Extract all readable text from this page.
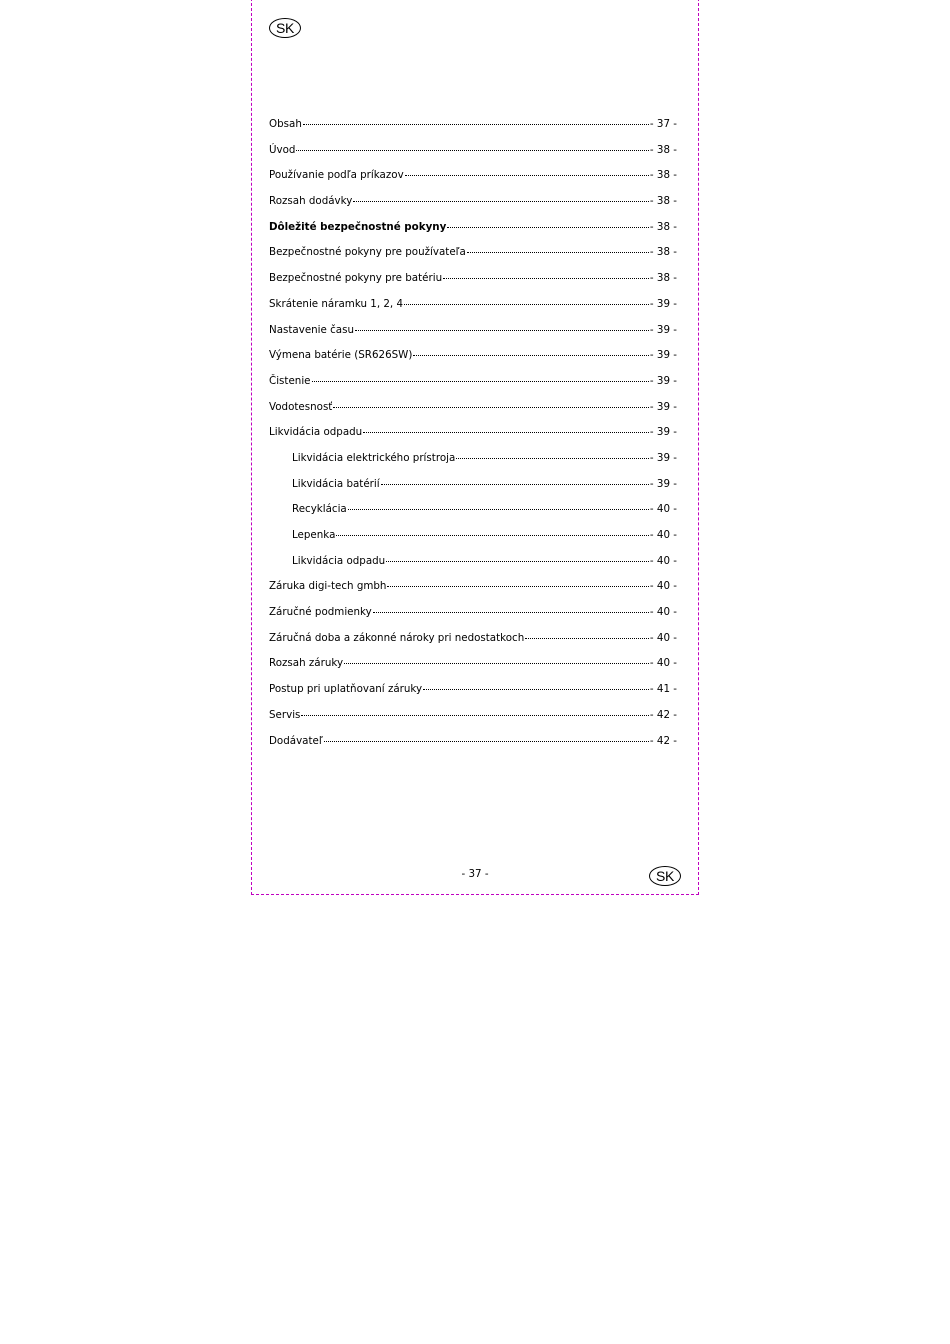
SK
Obsah	- 37 -
Úvod	- 38 -
Používanie podľa príkazov	- 38 -
Rozsah dodávky	- 38 -
Dôležité bezpečnostné pokyny	- 38 -
Bezpečnostné pokyny pre používateľa	- 38 -
Bezpečnostné pokyny pre batériu	- 38 -
Skrátenie náramku 1, 2, 4	- 39 -
Nastavenie času	- 39 -
Výmena batérie (SR626SW)	- 39 -
Čistenie	- 39 -
Vodotesnosť	- 39 -
Likvidácia odpadu	- 39 -
Likvidácia elektrického prístroja	- 39 -
Likvidácia batérií	- 39 -
Recyklácia	- 40 -
Lepenka	- 40 -
Likvidácia odpadu	- 40 -
Záruka digi-tech gmbh	- 40 -
Záručné podmienky	- 40 -
Záručná doba a zákonné nároky pri nedostatkoch	- 40 -
Rozsah záruky	- 40 -
Postup pri uplatňovaní záruky	- 41 -
Servis	- 42 -
Dodávateľ	- 42 -
- 37 -	SK
